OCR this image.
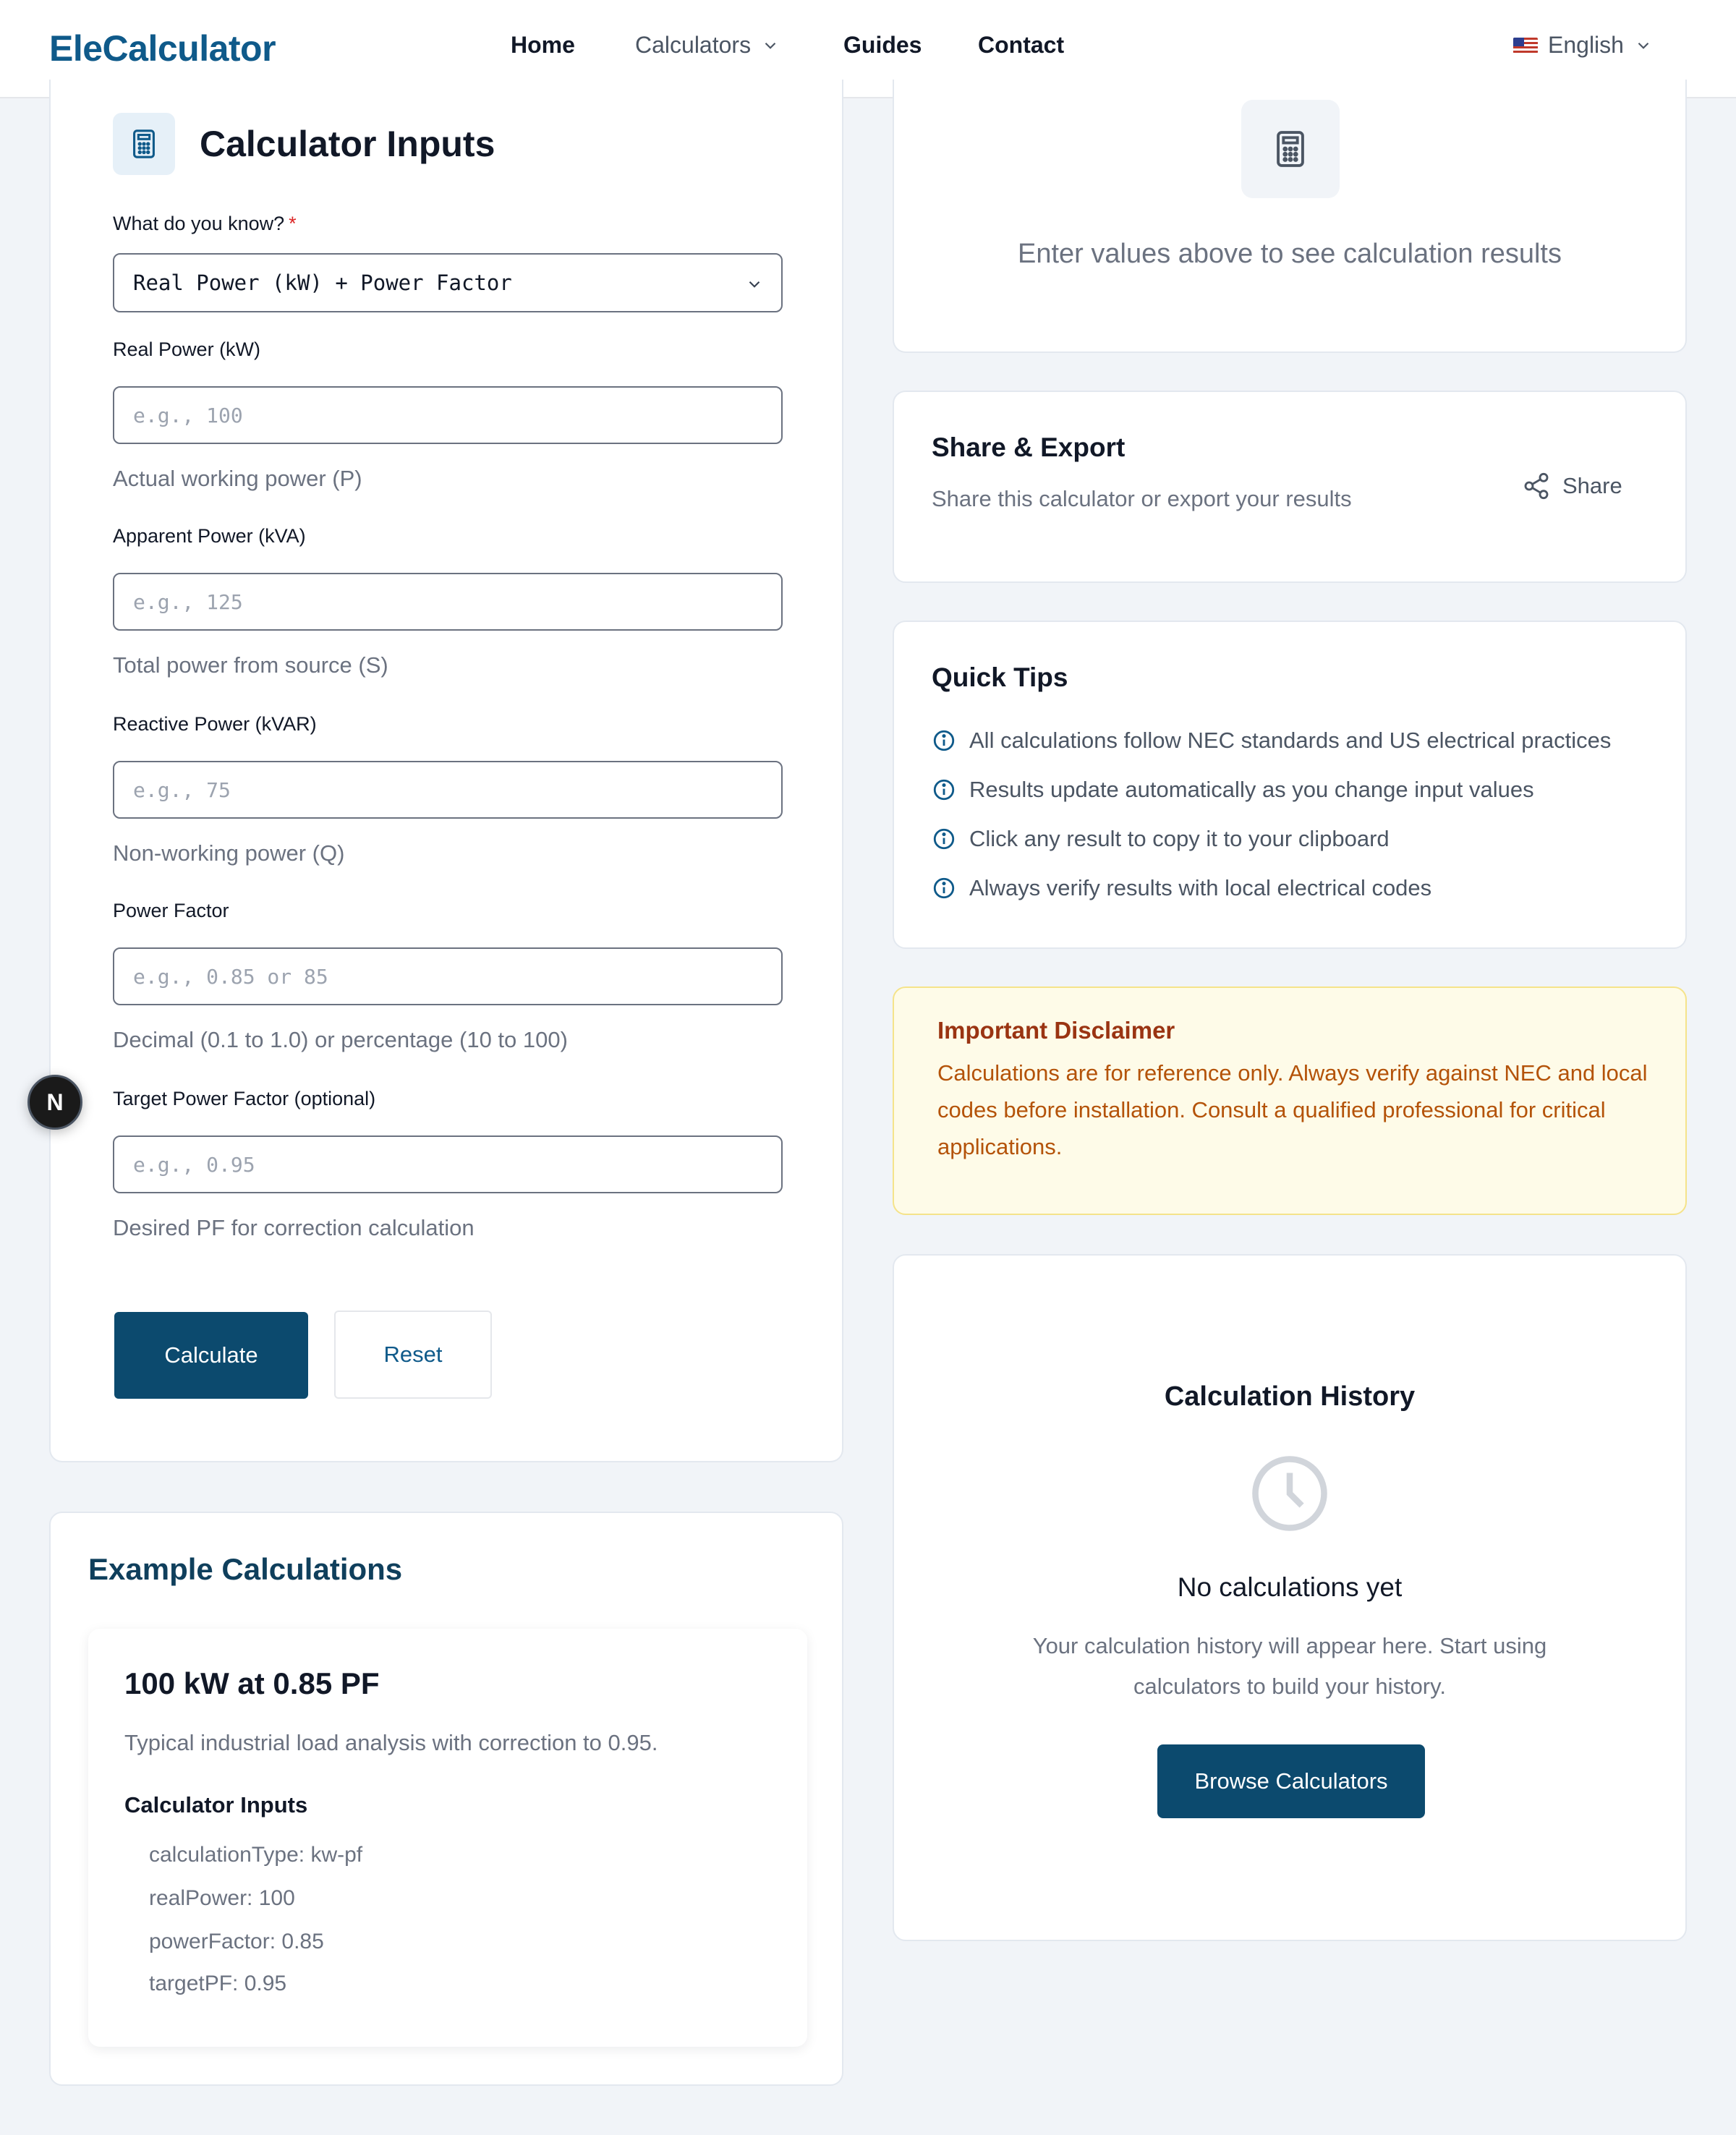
EleCalculator	Home	Calculators	Guides Contact	English
Calculator Inputs
What do you know? *
Real Power (kW) + Power Factor
Real Power (kW)
e.g., 100
Actual working power (P)
Apparent Power (kVA)
e.g., 125
Total power from source (S)
Reactive Power (kVAR)
e.g., 75
Non-working power (Q)
Power Factor
e.g., 0.85 or 85
Decimal (0.1 to 1.0) or percentage (10 to 100)
Target Power Factor (optional)
e.g., 0.95
Desired PF for correction calculation
Calculate	Reset
Example Calculations
100 kW at 0.85 PF

Typical industrial load analysis with correction to 0.95.

Calculator Inputs
calculationType: kw-pf
realPower: 100
powerFactor: 0.85
targetPF: 0.95

Enter values above to see calculation results

Share & Export

Share this calculator or export your results

Share
Quick Tips
All calculations follow NEC standards and US electrical practices
Results update automatically as you change input values
Click any result to copy it to your clipboard
Always verify results with local electrical codes
Important Disclaimer

Calculations are for reference only. Always verify against NEC and local codes before installation. Consult a qualified professional for critical applications.

Calculation History

No calculations yet

Your calculation history will appear here. Start using calculators to build your history.

Browse Calculators
N
